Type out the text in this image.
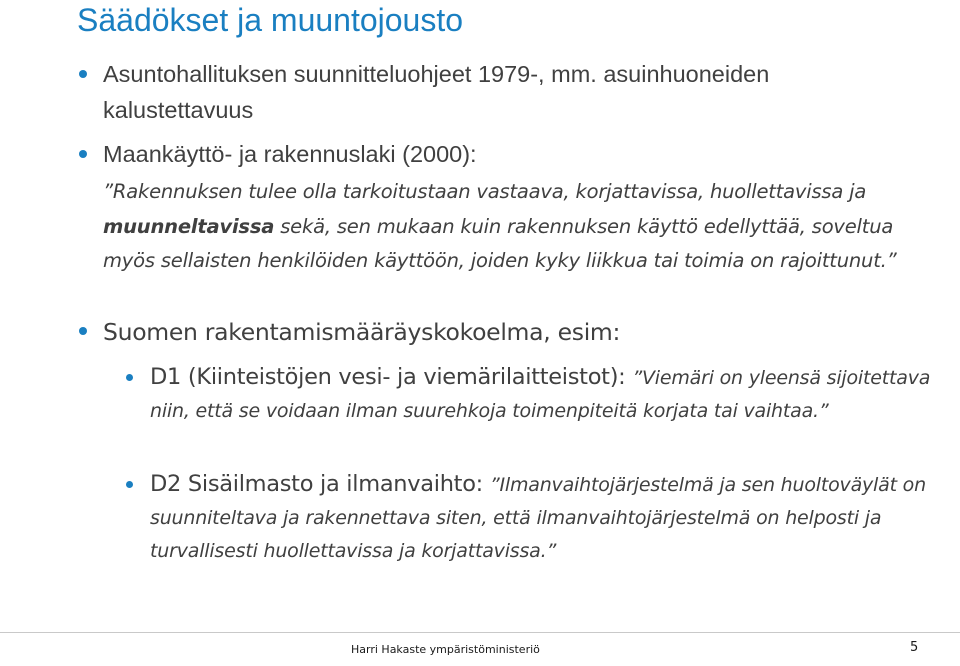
Säädökset ja muuntojousto
Asuntohallituksen suunnitteluohjeet 1979-, mm. asuinhuoneiden kalustettavuus
Maankäyttö- ja rakennuslaki (2000):
”Rakennuksen tulee olla tarkoitustaan vastaava, korjattavissa, huollettavissa ja muunneltavissa sekä, sen mukaan kuin rakennuksen käyttö edellyttää, soveltua myös sellaisten henkilöiden käyttöön, joiden kyky liikkua tai toimia on rajoittunut.”
Suomen rakentamismääräyskokoelma, esim:
D1 (Kiinteistöjen vesi- ja viemärilaitteistot): ”Viemäri on yleensä sijoitettava niin, että se voidaan ilman suurehkoja toimenpiteitä korjata tai vaihtaa.”
D2 Sisäilmasto ja ilmanvaihto: ”Ilmanvaihtojärjestelmä ja sen huoltoväylät on suunniteltava ja rakennettava siten, että ilmanvaihtojärjestelmä on helposti ja turvallisesti huollettavissa ja korjattavissa.”
Harri Hakaste ympäristöministeriö	5
